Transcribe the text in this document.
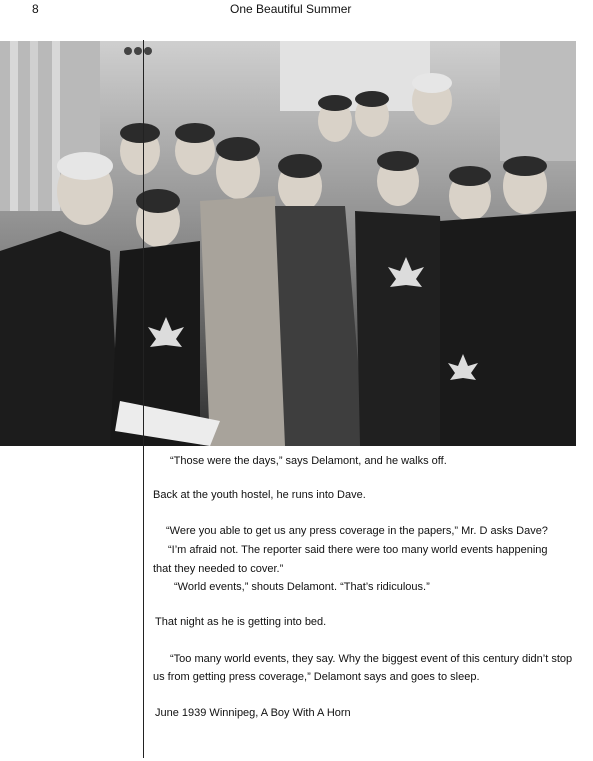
8	One Beautiful Summer
“Those were the days,” says Delamont, and he walks off.
Back at the youth hostel, he runs into Dave.
“Were you able to get us any press coverage in the papers,” Mr. D asks Dave?
“I’m afraid not. The reporter said there were too many world events happening
that they needed to cover.”
“World events,” shouts Delamont. “That’s ridiculous.”
That night as he is getting into bed.
“Too many world events, they say. Why the biggest event of this century didn’t stop
us from getting press coverage,” Delamont says and goes to sleep.
June 1939 Winnipeg, A Boy With A Horn
